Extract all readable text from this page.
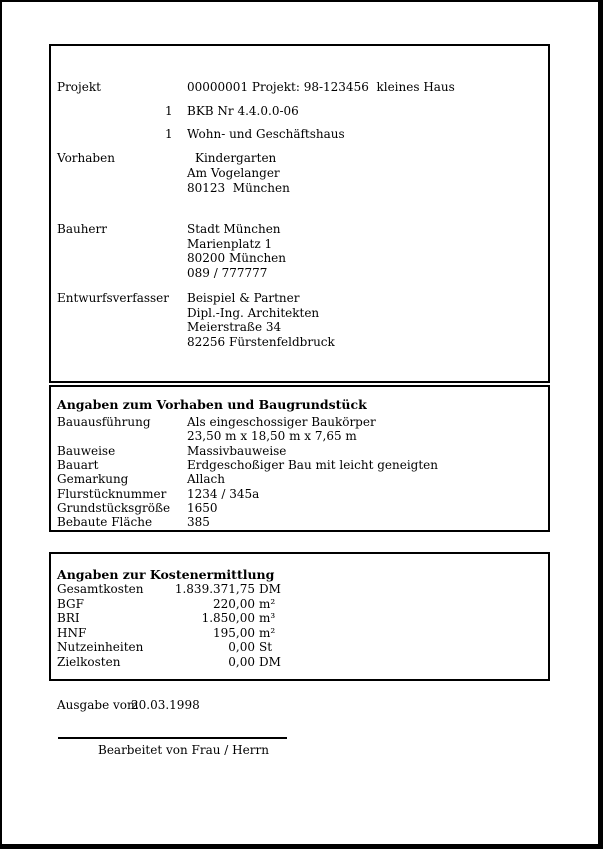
Projekt	00000001 Projekt: 98-123456  kleines Haus
1 BKB Nr 4.4.0.0-06
1 Wohn- und Geschäftshaus
Vorhaben	Kindergarten
Am Vogelanger
80123  München
Bauherr	Stadt München
Marienplatz 1
80200 München
089 / 777777
Entwurfsverfasser Beispiel & Partner
Dipl.-Ing. Architekten
Meierstraße 34
82256 Fürstenfeldbruck
Angaben zum Vorhaben und Baugrundstück
Bauausführung	Als eingeschossiger Baukörper
23,50 m x 18,50 m x 7,65 m
Bauweise	Massivbauweise
Bauart	Erdgeschoßiger Bau mit leicht geneigten
Gemarkung	Allach
Flurstücknummer 1234 / 345a
Grundstücksgröße 1650
Bebaute Fläche	385
Angaben zur Kostenermittlung
Gesamtkosten	1.839.371,75 DM
BGF	220,00 m²
BRI	1.850,00 m³
HNF	195,00 m²
Nutzeinheiten	0,00 St
Zielkosten	0,00 DM
Ausgabe vom
20.03.1998
Bearbeitet von Frau / Herrn
